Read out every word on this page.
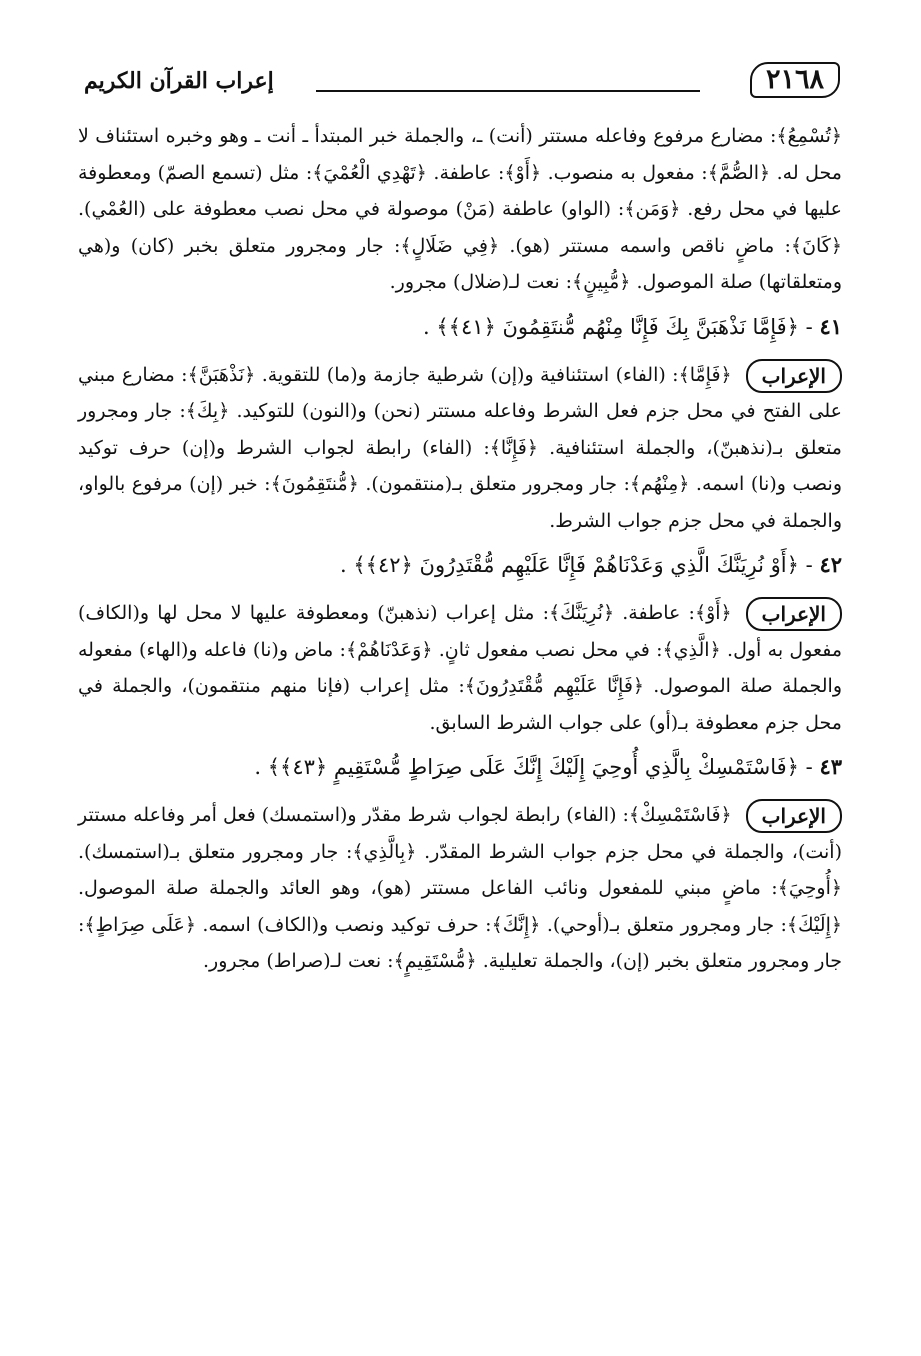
٢١٦٨
إعراب القرآن الكريم

﴿تُسْمِعُ﴾: مضارع مرفوع وفاعله مستتر (أنت) ـ، والجملة خبر المبتدأ ـ أنت ـ وهو وخبره استئناف لا محل له. ﴿الصُّمَّ﴾: مفعول به منصوب. ﴿أَوْ﴾: عاطفة. ﴿تَهْدِي الْعُمْيَ﴾: مثل (تسمع الصمّ) ومعطوفة عليها في محل رفع. ﴿وَمَن﴾: (الواو) عاطفة (مَنْ) موصولة في محل نصب معطوفة على (العُمْي). ﴿كَانَ﴾: ماضٍ ناقص واسمه مستتر (هو). ﴿فِي ضَلَالٍ﴾: جار ومجرور متعلق بخبر (كان) و(هي ومتعلقاتها) صلة الموصول. ﴿مُّبِينٍ﴾: نعت لـ(ضلال) مجرور.

٤١ - ﴿فَإِمَّا نَذْهَبَنَّ بِكَ فَإِنَّا مِنْهُم مُّنتَقِمُونَ ﴿٤١﴾﴾ .

الإعراب
﴿فَإِمَّا﴾: (الفاء) استئنافية و(إن) شرطية جازمة و(ما) للتقوية. ﴿نَذْهَبَنَّ﴾: مضارع مبني على الفتح في محل جزم فعل الشرط وفاعله مستتر (نحن) و(النون) للتوكيد. ﴿بِكَ﴾: جار ومجرور متعلق بـ(نذهبنّ)، والجملة استئنافية. ﴿فَإِنَّا﴾: (الفاء) رابطة لجواب الشرط و(إن) حرف توكيد ونصب و(نا) اسمه. ﴿مِنْهُم﴾: جار ومجرور متعلق بـ(منتقمون). ﴿مُّنتَقِمُونَ﴾: خبر (إن) مرفوع بالواو، والجملة في محل جزم جواب الشرط.

٤٢ - ﴿أَوْ نُرِيَنَّكَ الَّذِي وَعَدْنَاهُمْ فَإِنَّا عَلَيْهِم مُّقْتَدِرُونَ ﴿٤٢﴾﴾ .

الإعراب
﴿أَوْ﴾: عاطفة. ﴿نُرِيَنَّكَ﴾: مثل إعراب (نذهبنّ) ومعطوفة عليها لا محل لها و(الكاف) مفعول به أول. ﴿الَّذِي﴾: في محل نصب مفعول ثانٍ. ﴿وَعَدْنَاهُمْ﴾: ماض و(نا) فاعله و(الهاء) مفعوله والجملة صلة الموصول. ﴿فَإِنَّا عَلَيْهِم مُّقْتَدِرُونَ﴾: مثل إعراب (فإنا منهم منتقمون)، والجملة في محل جزم معطوفة بـ(أو) على جواب الشرط السابق.

٤٣ - ﴿فَاسْتَمْسِكْ بِالَّذِي أُوحِيَ إِلَيْكَ إِنَّكَ عَلَى صِرَاطٍ مُّسْتَقِيمٍ ﴿٤٣﴾﴾ .

الإعراب
﴿فَاسْتَمْسِكْ﴾: (الفاء) رابطة لجواب شرط مقدّر و(استمسك) فعل أمر وفاعله مستتر (أنت)، والجملة في محل جزم جواب الشرط المقدّر. ﴿بِالَّذِي﴾: جار ومجرور متعلق بـ(استمسك). ﴿أُوحِيَ﴾: ماضٍ مبني للمفعول ونائب الفاعل مستتر (هو)، وهو العائد والجملة صلة الموصول. ﴿إِلَيْكَ﴾: جار ومجرور متعلق بـ(أوحي). ﴿إِنَّكَ﴾: حرف توكيد ونصب و(الكاف) اسمه. ﴿عَلَى صِرَاطٍ﴾: جار ومجرور متعلق بخبر (إن)، والجملة تعليلية. ﴿مُّسْتَقِيمٍ﴾: نعت لـ(صراط) مجرور.
